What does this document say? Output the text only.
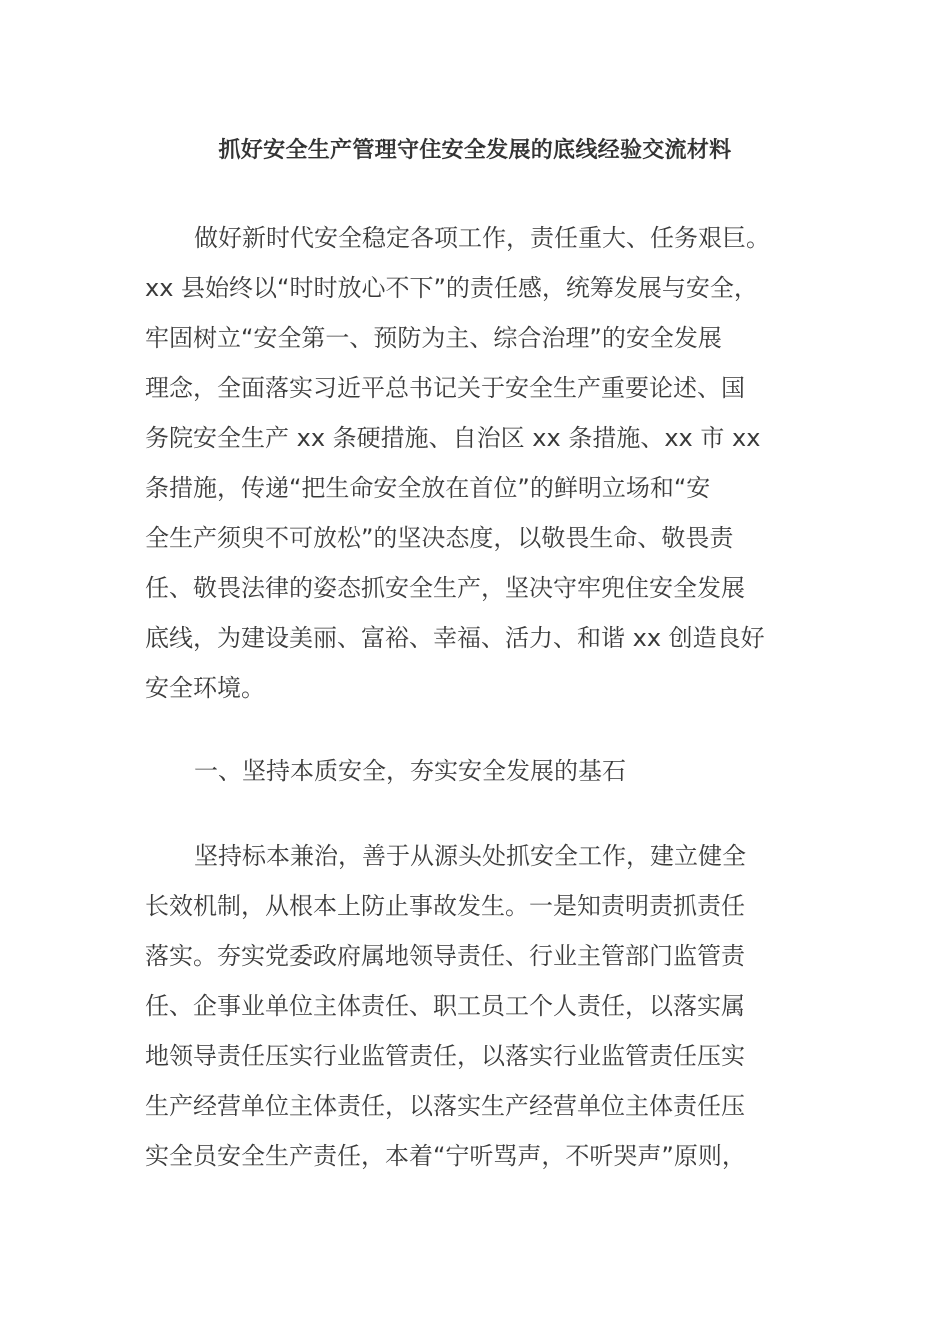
抓好安全生产管理守住安全发展的底线经验交流材料
做好新时代安全稳定各项工作，责任重大、任务艰巨。
xx 县始终以“时时放心不下”的责任感，统筹发展与安全，
牢固树立“安全第一、预防为主、综合治理”的安全发展
理念，全面落实习近平总书记关于安全生产重要论述、国
务院安全生产 xx 条硬措施、自治区 xx 条措施、xx 市 xx
条措施，传递“把生命安全放在首位”的鲜明立场和“安
全生产须臾不可放松”的坚决态度，以敬畏生命、敬畏责
任、敬畏法律的姿态抓安全生产，坚决守牢兜住安全发展
底线，为建设美丽、富裕、幸福、活力、和谐 xx 创造良好
安全环境。
一、坚持本质安全，夯实安全发展的基石
坚持标本兼治，善于从源头处抓安全工作，建立健全
长效机制，从根本上防止事故发生。一是知责明责抓责任
落实。夯实党委政府属地领导责任、行业主管部门监管责
任、企事业单位主体责任、职工员工个人责任，以落实属
地领导责任压实行业监管责任，以落实行业监管责任压实
生产经营单位主体责任，以落实生产经营单位主体责任压
实全员安全生产责任，本着“宁听骂声，不听哭声”原则，
